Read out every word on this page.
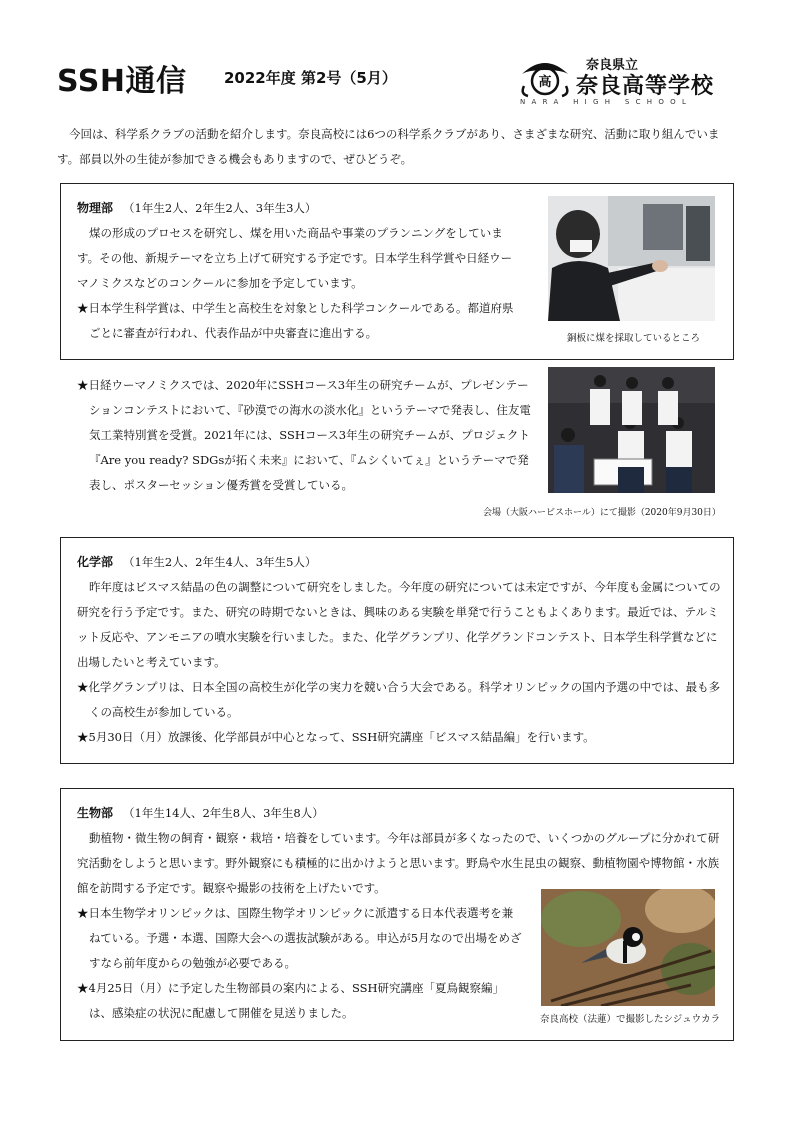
SSH通信	2022年度 第2号（5月）	高
奈良県立
奈良高等学校
NARA HIGH SCHOOL
今回は、科学系クラブの活動を紹介します。奈良高校には6つの科学系クラブがあり、さまざまな研究、活動に取り組んでいます。部員以外の生徒が参加できる機会もありますので、ぜひどうぞ。

物理部 （1年生2人、2年生2人、3年生3人）

煤の形成のプロセスを研究し、煤を用いた商品や事業のプランニングをしています。その他、新規テーマを立ち上げて研究する予定です。日本学生科学賞や日経ウーマノミクスなどのコンクールに参加を予定しています。

★日本学生科学賞は、中学生と高校生を対象とした科学コンクールである。都道府県ごとに審査が行われ、代表作品が中央審査に進出する。	銅板に煤を採取しているところ
★日経ウーマノミクスでは、2020年にSSHコース3年生の研究チームが、プレゼンテーションコンテストにおいて、『砂漠での海水の淡水化』というテーマで発表し、住友電気工業特別賞を受賞。2021年には、SSHコース3年生の研究チームが、プロジェクト『Are you ready? SDGsが拓く未来』において、『ムシくいてぇ』というテーマで発表し、ポスターセッション優秀賞を受賞している。
会場（大阪ハービスホール）にて撮影（2020年9月30日）

化学部 （1年生2人、2年生4人、3年生5人）

昨年度はビスマス結晶の色の調整について研究をしました。今年度の研究については未定ですが、今年度も金属についての研究を行う予定です。また、研究の時期でないときは、興味のある実験を単発で行うこともよくあります。最近では、テルミット反応や、アンモニアの噴水実験を行いました。また、化学グランプリ、化学グランドコンテスト、日本学生科学賞などに出場したいと考えています。

★化学グランプリは、日本全国の高校生が化学の実力を競い合う大会である。科学オリンピックの国内予選の中では、最も多くの高校生が参加している。

★5月30日（月）放課後、化学部員が中心となって、SSH研究講座「ビスマス結晶編」を行います。

生物部 （1年生14人、2年生8人、3年生8人）

動植物・微生物の飼育・観察・栽培・培養をしています。今年は部員が多くなったので、いくつかのグループに分かれて研究活動をしようと思います。野外観察にも積極的に出かけようと思います。野鳥や水生昆虫の観察、動植物園や博物館・水族館を訪問する予定です。観察や撮影の技術を上げたいです。

★日本生物学オリンピックは、国際生物学オリンピックに派遣する日本代表選考を兼ねている。予選・本選、国際大会への選抜試験がある。申込が5月なので出場をめざすなら前年度からの勉強が必要である。

★4月25日（月）に予定した生物部員の案内による、SSH研究講座「夏鳥観察編」は、感染症の状況に配慮して開催を見送りました。	奈良高校（法蓮）で撮影したシジュウカラ
